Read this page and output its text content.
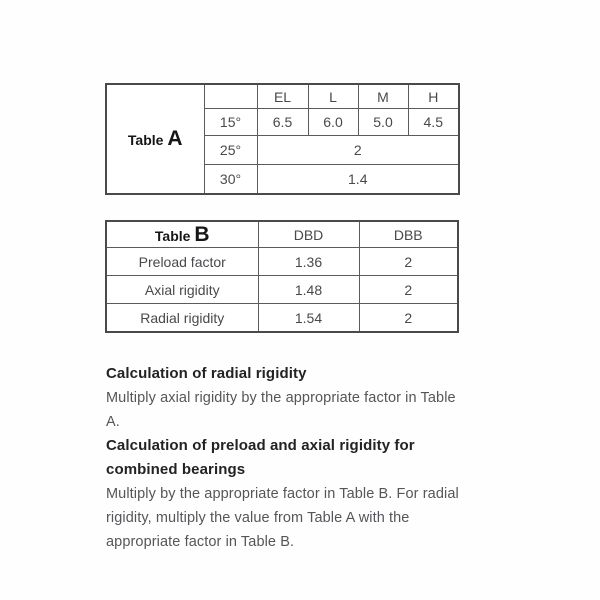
Table A		EL	L	M	H
	15°	6.5	6.0	5.0	4.5
	25°	2			
	30°	1.4			
Table B	DBD	DBB
Preload factor	1.36	2
Axial rigidity	1.48	2
Radial rigidity	1.54	2

Calculation of radial rigidity

Multiply axial rigidity by the appropriate factor in Table A.

Calculation of preload and axial rigidity for combined bearings

Multiply by the appropriate factor in Table B. For radial rigidity, multiply the value from Table A with the appropriate factor in Table B.
